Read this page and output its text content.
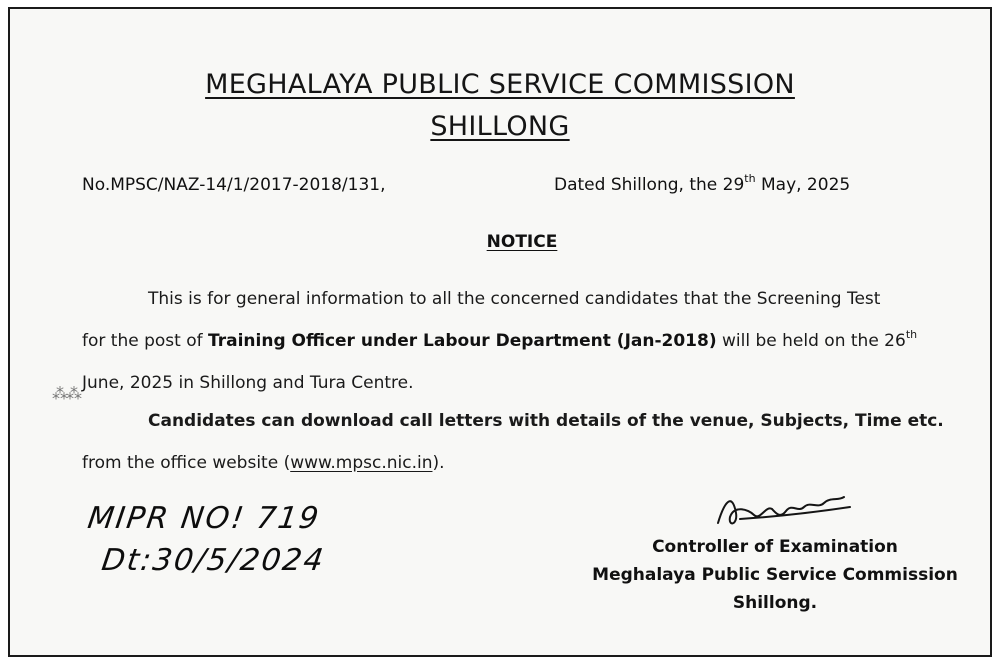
MEGHALAYA PUBLIC SERVICE COMMISSION
SHILLONG
No.MPSC/NAZ-14/1/2017-2018/131,	Dated Shillong, the 29th May, 2025
NOTICE
This is for general information to all the concerned candidates that the Screening Test
for the post of Training Officer under Labour Department (Jan-2018) will be held on the 26th
June, 2025 in Shillong and Tura Centre.
⁂⁂
Candidates can download call letters with details of the venue, Subjects, Time etc.
from the office website (www.mpsc.nic.in).
MIPR NO! 719
Dt:30/5/2024	Controller of Examination
Meghalaya Public Service Commission
Shillong.
